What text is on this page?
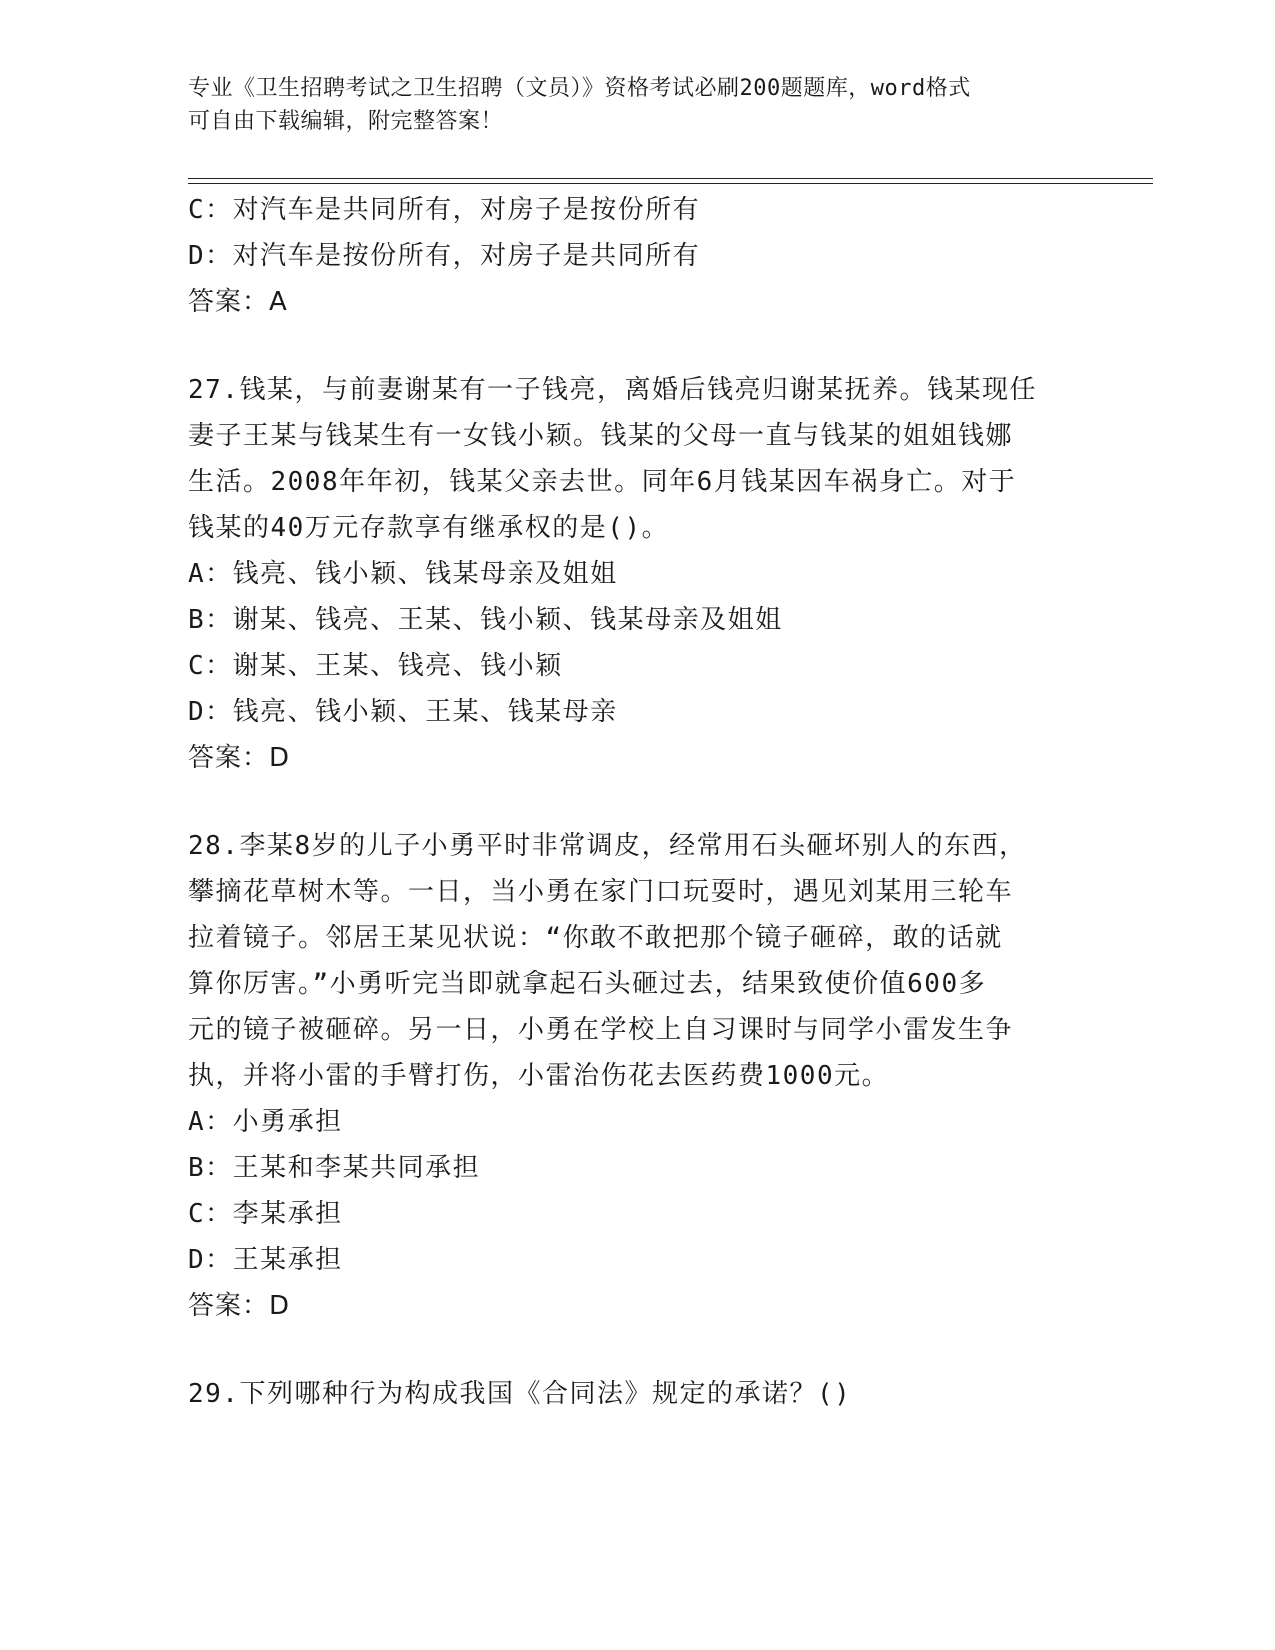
专业《卫生招聘考试之卫生招聘（文员）》资格考试必刷200题题库，word格式
可自由下载编辑，附完整答案！
C：对汽车是共同所有，对房子是按份所有
D：对汽车是按份所有，对房子是共同所有
答案：A
27.钱某，与前妻谢某有一子钱亮，离婚后钱亮归谢某抚养。钱某现任
妻子王某与钱某生有一女钱小颖。钱某的父母一直与钱某的姐姐钱娜
生活。2008年年初，钱某父亲去世。同年6月钱某因车祸身亡。对于
钱某的40万元存款享有继承权的是()。
A：钱亮、钱小颖、钱某母亲及姐姐
B：谢某、钱亮、王某、钱小颖、钱某母亲及姐姐
C：谢某、王某、钱亮、钱小颖
D：钱亮、钱小颖、王某、钱某母亲
答案：D
28.李某8岁的儿子小勇平时非常调皮，经常用石头砸坏别人的东西，
攀摘花草树木等。一日，当小勇在家门口玩耍时，遇见刘某用三轮车
拉着镜子。邻居王某见状说：“你敢不敢把那个镜子砸碎，敢的话就
算你厉害。”小勇听完当即就拿起石头砸过去，结果致使价值600多
元的镜子被砸碎。另一日，小勇在学校上自习课时与同学小雷发生争
执，并将小雷的手臂打伤，小雷治伤花去医药费1000元。
A：小勇承担
B：王某和李某共同承担
C：李某承担
D：王某承担
答案：D
29.下列哪种行为构成我国《合同法》规定的承诺？()
